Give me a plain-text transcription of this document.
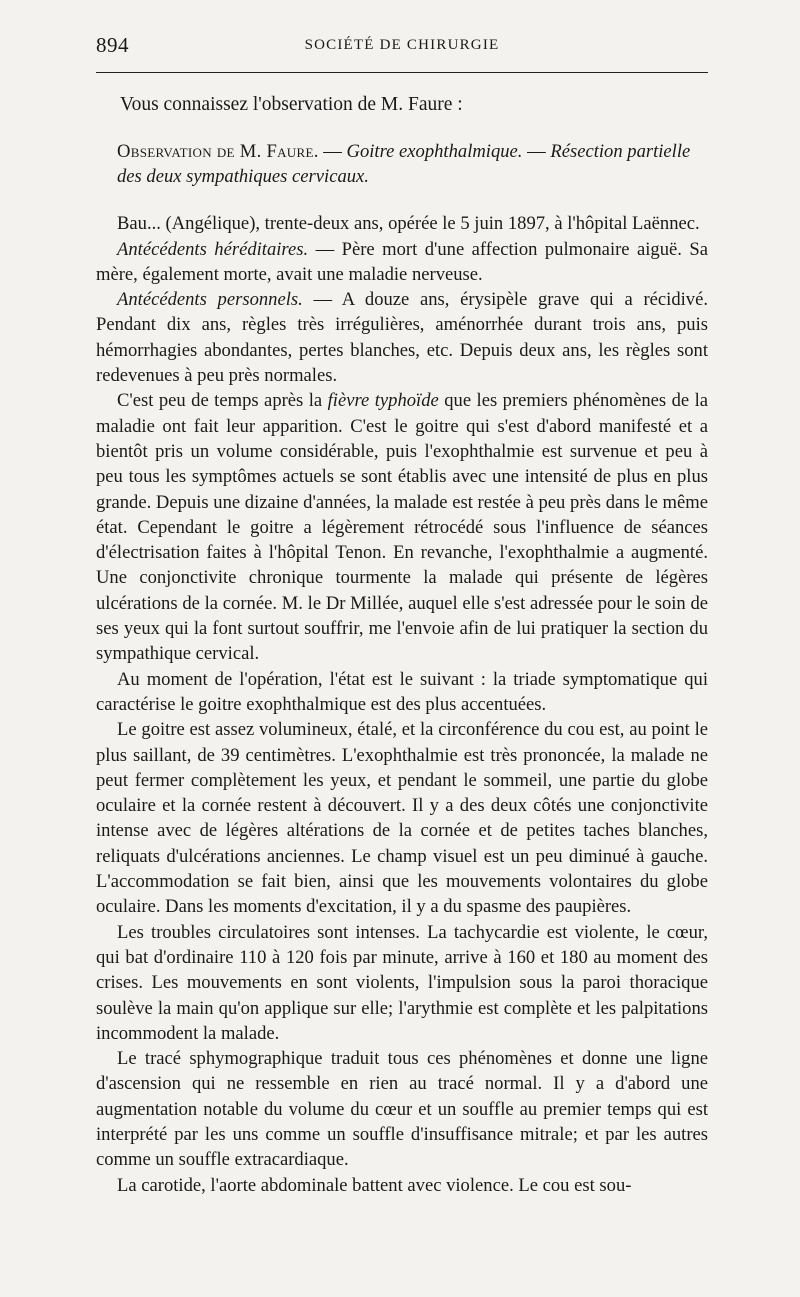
894	SOCIÉTÉ DE CHIRURGIE

Vous connaissez l'observation de M. Faure :

Observation de M. Faure. — Goitre exophthalmique. — Résection partielle des deux sympathiques cervicaux.

Bau... (Angélique), trente-deux ans, opérée le 5 juin 1897, à l'hôpital Laënnec.

Antécédents héréditaires. — Père mort d'une affection pulmonaire aiguë. Sa mère, également morte, avait une maladie nerveuse.

Antécédents personnels. — A douze ans, érysipèle grave qui a récidivé. Pendant dix ans, règles très irrégulières, aménorrhée durant trois ans, puis hémorrhagies abondantes, pertes blanches, etc. Depuis deux ans, les règles sont redevenues à peu près normales.

C'est peu de temps après la fièvre typhoïde que les premiers phénomènes de la maladie ont fait leur apparition. C'est le goitre qui s'est d'abord manifesté et a bientôt pris un volume considérable, puis l'exophthalmie est survenue et peu à peu tous les symptômes actuels se sont établis avec une intensité de plus en plus grande. Depuis une dizaine d'années, la malade est restée à peu près dans le même état. Cependant le goitre a légèrement rétrocédé sous l'influence de séances d'électrisation faites à l'hôpital Tenon. En revanche, l'exophthalmie a augmenté. Une conjonctivite chronique tourmente la malade qui présente de légères ulcérations de la cornée. M. le Dr Millée, auquel elle s'est adressée pour le soin de ses yeux qui la font surtout souffrir, me l'envoie afin de lui pratiquer la section du sympathique cervical.

Au moment de l'opération, l'état est le suivant : la triade symptomatique qui caractérise le goitre exophthalmique est des plus accentuées.

Le goitre est assez volumineux, étalé, et la circonférence du cou est, au point le plus saillant, de 39 centimètres. L'exophthalmie est très prononcée, la malade ne peut fermer complètement les yeux, et pendant le sommeil, une partie du globe oculaire et la cornée restent à découvert. Il y a des deux côtés une conjonctivite intense avec de légères altérations de la cornée et de petites taches blanches, reliquats d'ulcérations anciennes. Le champ visuel est un peu diminué à gauche. L'accommodation se fait bien, ainsi que les mouvements volontaires du globe oculaire. Dans les moments d'excitation, il y a du spasme des paupières.

Les troubles circulatoires sont intenses. La tachycardie est violente, le cœur, qui bat d'ordinaire 110 à 120 fois par minute, arrive à 160 et 180 au moment des crises. Les mouvements en sont violents, l'impulsion sous la paroi thoracique soulève la main qu'on applique sur elle; l'arythmie est complète et les palpitations incommodent la malade.

Le tracé sphymographique traduit tous ces phénomènes et donne une ligne d'ascension qui ne ressemble en rien au tracé normal. Il y a d'abord une augmentation notable du volume du cœur et un souffle au premier temps qui est interprété par les uns comme un souffle d'insuffisance mitrale; et par les autres comme un souffle extracardiaque.

La carotide, l'aorte abdominale battent avec violence. Le cou est sou-
